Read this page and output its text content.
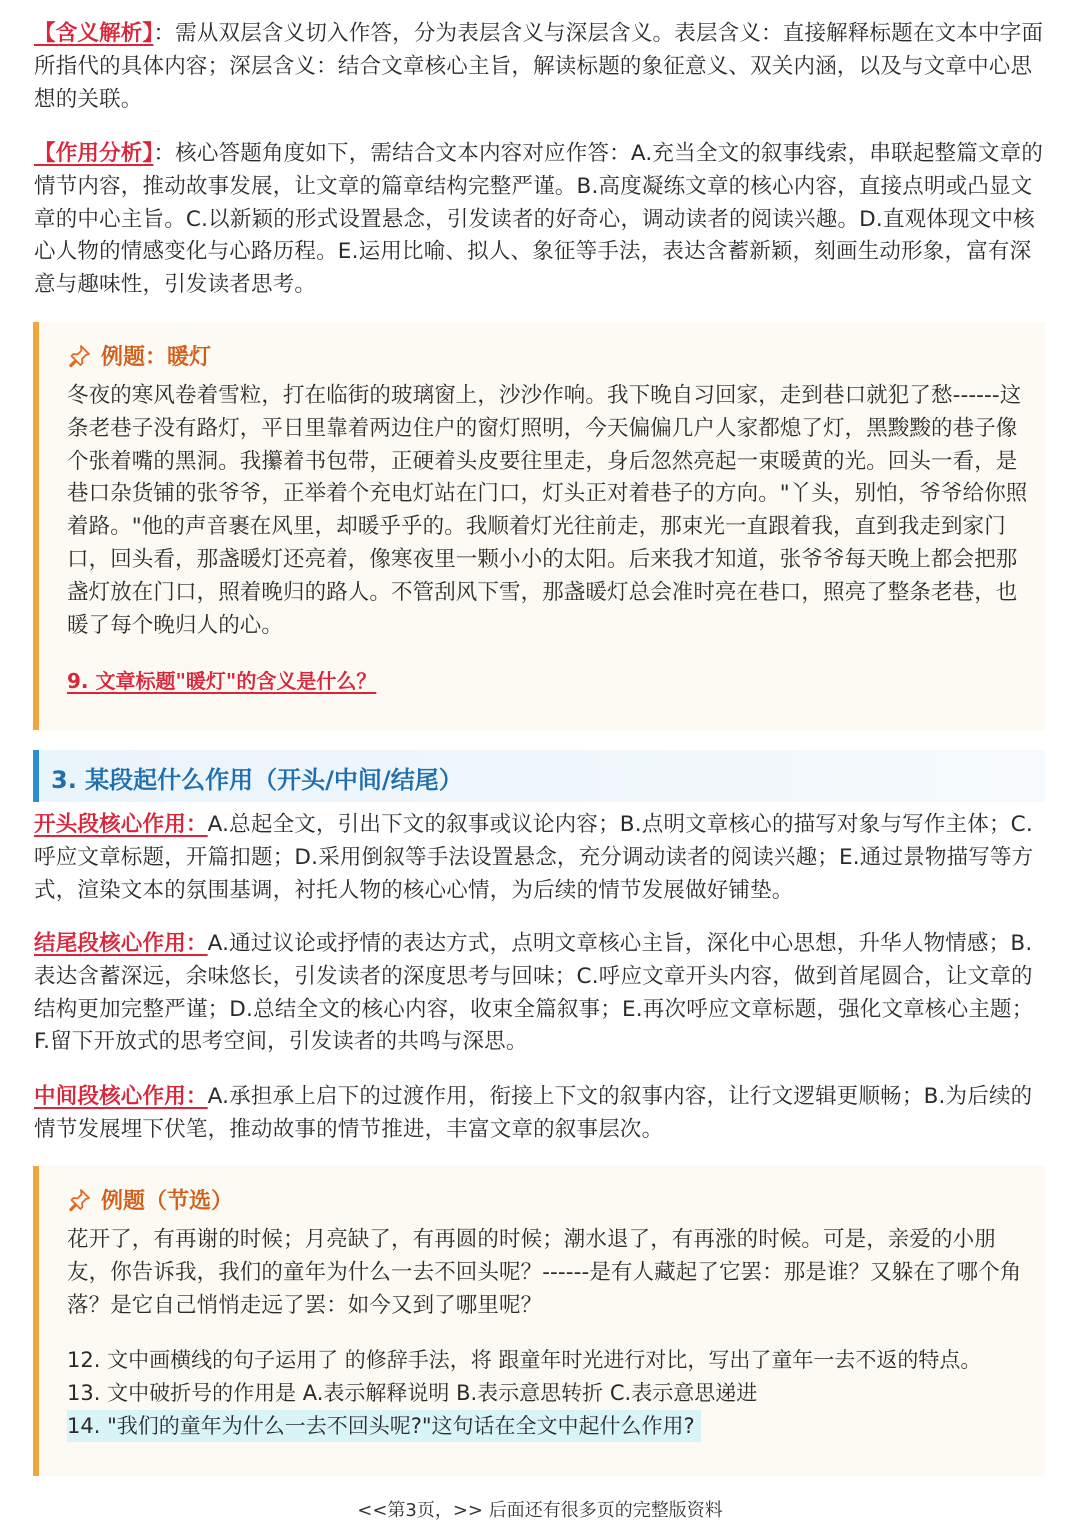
【含义解析】：需从双层含义切入作答，分为表层含义与深层含义。表层含义：直接解释标题在文本中字面所指代的具体内容；深层含义：结合文章核心主旨，解读标题的象征意义、双关内涵，以及与文章中心思想的关联。
【作用分析】：核心答题角度如下，需结合文本内容对应作答：A.充当全文的叙事线索，串联起整篇文章的情节内容，推动故事发展，让文章的篇章结构完整严谨。B.高度凝练文章的核心内容，直接点明或凸显文章的中心主旨。C.以新颖的形式设置悬念，引发读者的好奇心，调动读者的阅读兴趣。D.直观体现文中核心人物的情感变化与心路历程。E.运用比喻、拟人、象征等手法，表达含蓄新颖，刻画生动形象，富有深意与趣味性，引发读者思考。
例题：暖灯
冬夜的寒风卷着雪粒，打在临街的玻璃窗上，沙沙作响。我下晚自习回家，走到巷口就犯了愁------这条老巷子没有路灯，平日里靠着两边住户的窗灯照明，今天偏偏几户人家都熄了灯，黑黢黢的巷子像个张着嘴的黑洞。我攥着书包带，正硬着头皮要往里走，身后忽然亮起一束暖黄的光。回头一看，是巷口杂货铺的张爷爷，正举着个充电灯站在门口，灯头正对着巷子的方向。"丫头，别怕，爷爷给你照着路。"他的声音裹在风里，却暖乎乎的。我顺着灯光往前走，那束光一直跟着我，直到我走到家门口，回头看，那盏暖灯还亮着，像寒夜里一颗小小的太阳。后来我才知道，张爷爷每天晚上都会把那盏灯放在门口，照着晚归的路人。不管刮风下雪，那盏暖灯总会准时亮在巷口，照亮了整条老巷，也暖了每个晚归人的心。
9. 文章标题"暖灯"的含义是什么？
3. 某段起什么作用（开头/中间/结尾）
开头段核心作用：A.总起全文，引出下文的叙事或议论内容；B.点明文章核心的描写对象与写作主体；C.呼应文章标题，开篇扣题；D.采用倒叙等手法设置悬念，充分调动读者的阅读兴趣；E.通过景物描写等方式，渲染文本的氛围基调，衬托人物的核心心情，为后续的情节发展做好铺垫。
结尾段核心作用：A.通过议论或抒情的表达方式，点明文章核心主旨，深化中心思想，升华人物情感；B.表达含蓄深远，余味悠长，引发读者的深度思考与回味；C.呼应文章开头内容，做到首尾圆合，让文章的结构更加完整严谨；D.总结全文的核心内容，收束全篇叙事；E.再次呼应文章标题，强化文章核心主题；F.留下开放式的思考空间，引发读者的共鸣与深思。
中间段核心作用：A.承担承上启下的过渡作用，衔接上下文的叙事内容，让行文逻辑更顺畅；B.为后续的情节发展埋下伏笔，推动故事的情节推进，丰富文章的叙事层次。
例题（节选）
花开了，有再谢的时候；月亮缺了，有再圆的时候；潮水退了，有再涨的时候。可是，亲爱的小朋友，你告诉我，我们的童年为什么一去不回头呢？------是有人藏起了它罢：那是谁？又躲在了哪个角落？是它自己悄悄走远了罢：如今又到了哪里呢？
12. 文中画横线的句子运用了 的修辞手法，将 跟童年时光进行对比，写出了童年一去不返的特点。
13. 文中破折号的作用是 A.表示解释说明 B.表示意思转折 C.表示意思递进
14. "我们的童年为什么一去不回头呢?"这句话在全文中起什么作用?
<<第3页，>> 后面还有很多页的完整版资料
